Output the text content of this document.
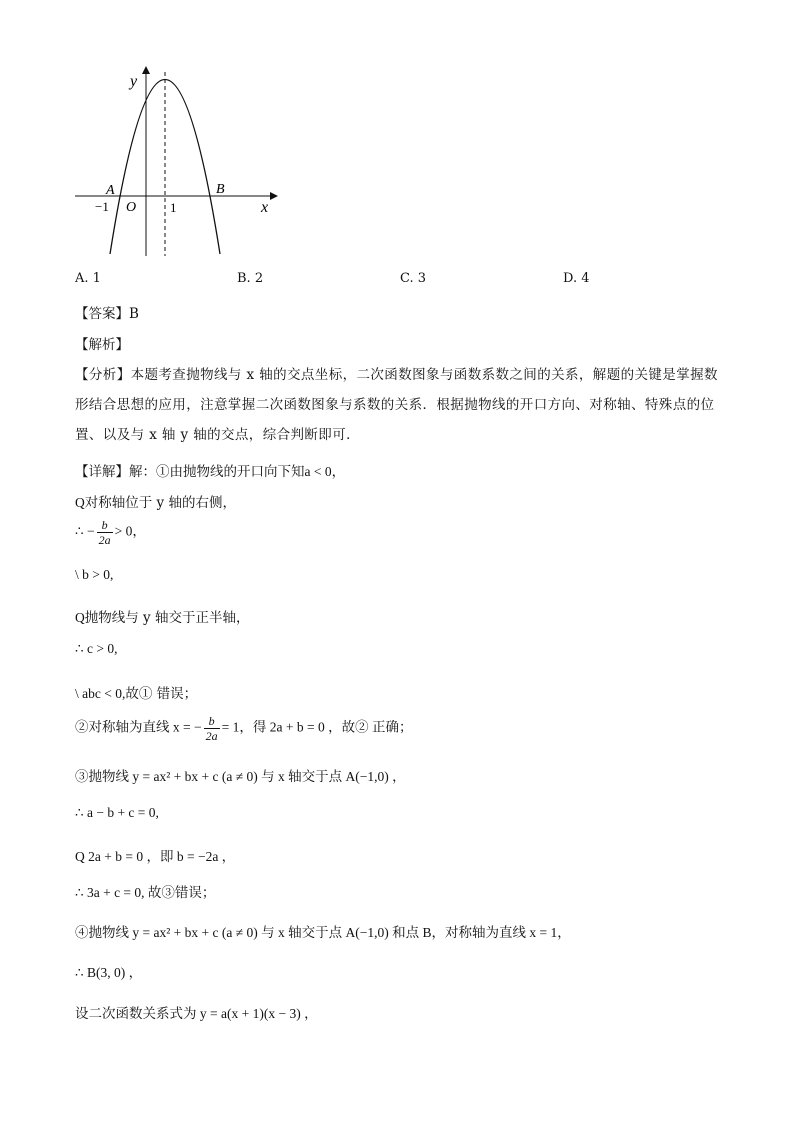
y
x
A	B
−1 O	1
A. 1	B. 2	C. 3	D. 4
【答案】B
【解析】
【分析】本题考查抛物线与 x 轴的交点坐标，二次函数图象与函数系数之间的关系，解题的关键是掌握数形结合思想的应用，注意掌握二次函数图象与系数的关系．根据抛物线的开口方向、对称轴、特殊点的位置、以及与 x 轴 y 轴的交点，综合判断即可．
【详解】解：①由抛物线的开口向下知a < 0，
Q对称轴位于 y 轴的右侧，
∴ − $\frac{b}{2a} > 0$，
\ b > 0,
Q抛物线与 y 轴交于正半轴，
∴ c > 0,
\ abc < 0,故① 错误；
②对称轴为直线 x = − $\frac{b}{2a} = 1$，得 2a + b = 0 ，故② 正确；
③抛物线 y = ax² + bx + c (a ≠ 0) 与 x 轴交于点 A(−1,0) ，
∴ a − b + c = 0,
Q 2a + b = 0 ，即 b = −2a ，
∴ 3a + c = 0, 故③错误；
④抛物线 y = ax² + bx + c (a ≠ 0) 与 x 轴交于点 A(−1,0) 和点 B，对称轴为直线 x = 1，
∴ B(3, 0) ，
设二次函数关系式为 y = a(x + 1)(x − 3) ，
